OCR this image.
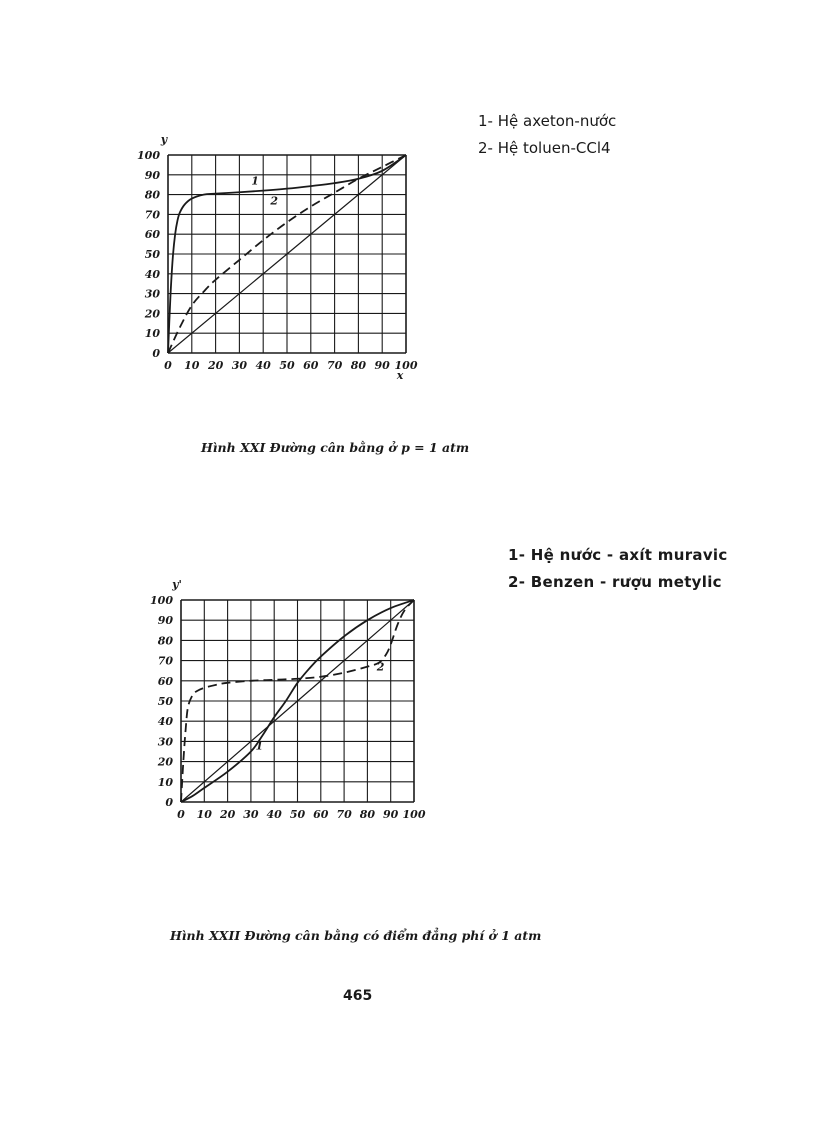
1- Hệ axeton-nước
2- Hệ toluen-CCl4
0 10 20 30 40 50 60 70 80 90 100
0
10
20
30
40
50
60
70
80
90
100
y
x
1
2
Hình XXI Đường cân bằng ở p = 1 atm
1- Hệ nước - axít muravic
2- Benzen - rượu metylic
0 10 20 30 40 50 60 70 80 90 100
0
10
20
30
40
50
60
70
80
90
100
y'
1
2
Hình XXII Đường cân bằng có điểm đẳng phí ở 1 atm
465
